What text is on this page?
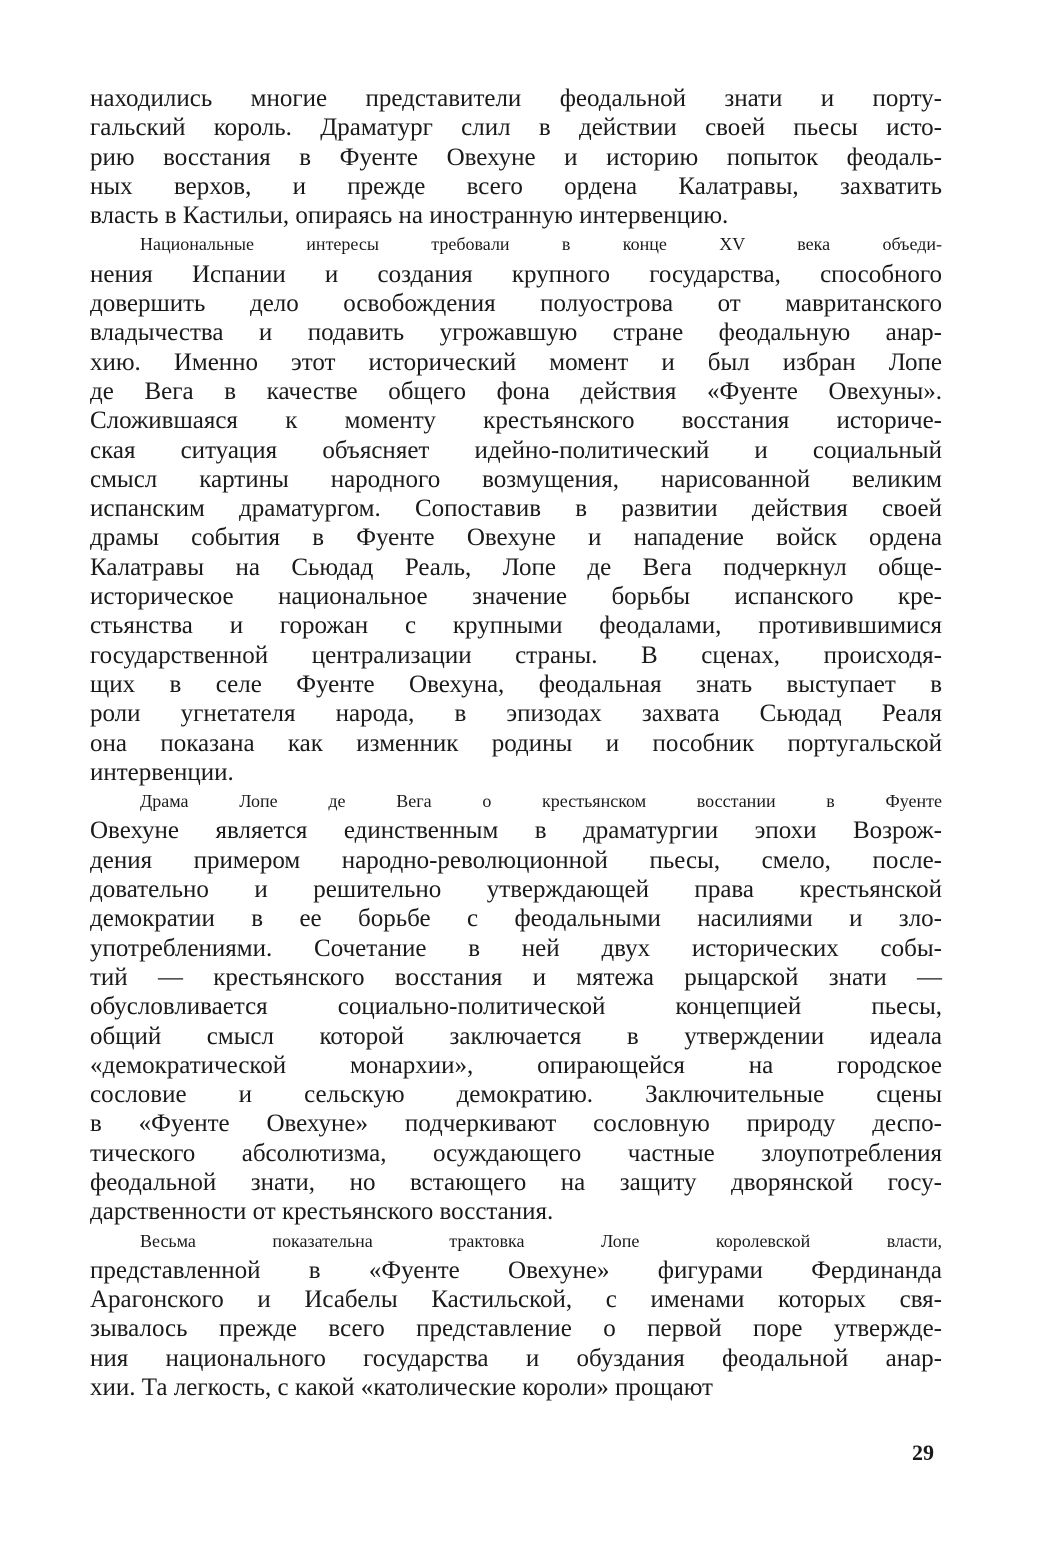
находились многие представители феодальной знати и порту-
гальский король. Драматург слил в действии своей пьесы исто-
рию восстания в Фуенте Овехуне и историю попыток феодаль-
ных верхов, и прежде всего ордена Калатравы, захватить
власть в Кастильи, опираясь на иностранную интервенцию.

Национальные интересы требовали в конце XV века объеди-
нения Испании и создания крупного государства, способного
довершить дело освобождения полуострова от мавританского
владычества и подавить угрожавшую стране феодальную анар-
хию. Именно этот исторический момент и был избран Лопе
де Вега в качестве общего фона действия «Фуенте Овехуны».
Сложившаяся к моменту крестьянского восстания историче-
ская ситуация объясняет идейно-политический и социальный
смысл картины народного возмущения, нарисованной великим
испанским драматургом. Сопоставив в развитии действия своей
драмы события в Фуенте Овехуне и нападение войск ордена
Калатравы на Сьюдад Реаль, Лопе де Вега подчеркнул обще-
историческое национальное значение борьбы испанского кре-
стьянства и горожан с крупными феодалами, противившимися
государственной централизации страны. В сценах, происходя-
щих в селе Фуенте Овехуна, феодальная знать выступает в
роли угнетателя народа, в эпизодах захвата Сьюдад Реаля
она показана как изменник родины и пособник португальской
интервенции.

Драма Лопе де Вега о крестьянском восстании в Фуенте
Овехуне является единственным в драматургии эпохи Возрож-
дения примером народно-революционной пьесы, смело, после-
довательно и решительно утверждающей права крестьянской
демократии в ее борьбе с феодальными насилиями и зло-
употреблениями. Сочетание в ней двух исторических собы-
тий — крестьянского восстания и мятежа рыцарской знати —
обусловливается социально-политической концепцией пьесы,
общий смысл которой заключается в утверждении идеала
«демократической монархии», опирающейся на городское
сословие и сельскую демократию. Заключительные сцены
в «Фуенте Овехуне» подчеркивают сословную природу деспо-
тического абсолютизма, осуждающего частные злоупотребления
феодальной знати, но встающего на защиту дворянской госу-
дарственности от крестьянского восстания.

Весьма показательна трактовка Лопе королевской власти,
представленной в «Фуенте Овехуне» фигурами Фердинанда
Арагонского и Исабелы Кастильской, с именами которых свя-
зывалось прежде всего представление о первой поре утвержде-
ния национального государства и обуздания феодальной анар-
хии. Та легкость, с какой «католические короли» прощают

29
